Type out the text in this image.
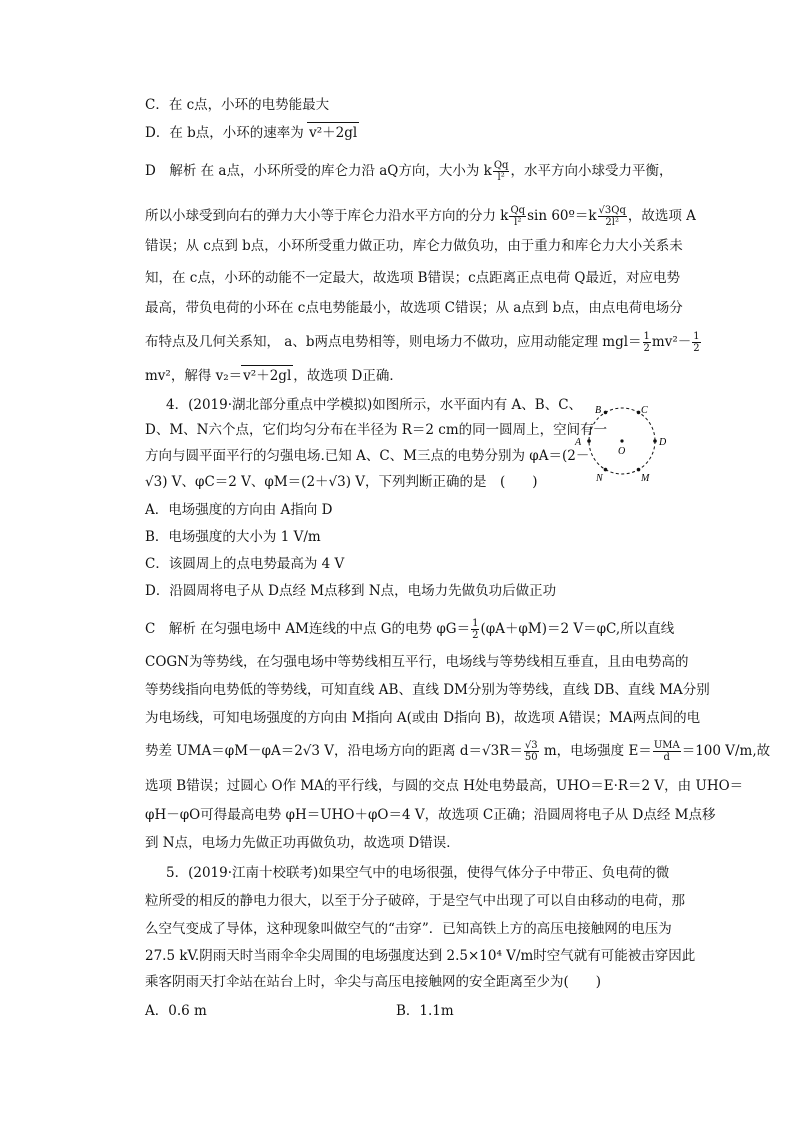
C．在 c点，小环的电势能最大
D．在 b点，小环的速率为 v²＋2gl
D　解析 在 a点，小环所受的库仑力沿 aQ方向，大小为 k $\frac{Qq}{\text{l²}}$ ，水平方向小球受力平衡，
所以小球受到向右的弹力大小等于库仑力沿水平方向的分力 k $\frac{Qq}{\text{l²}}$ sin 60º＝k $\frac{√3Qq}{\text{2l²}}$ ，故选项 A
错误；从 c点到 b点，小环所受重力做正功，库仑力做负功，由于重力和库仑力大小关系未
知，在 c点，小环的动能不一定最大，故选项 B错误；c点距离正点电荷 Q最近，对应电势
最高，带负电荷的小环在 c点电势能最小，故选项 C错误；从 a点到 b点，由点电荷电场分
布特点及几何关系知， a、b两点电势相等，则电场力不做功，应用动能定理 $mgl= \frac{1}{2} mv^2- \frac{1}{2}$
mv²，解得 v₂＝v²＋2gl ，故选项 D正确．
4．(2019·湖北部分重点中学模拟)如图所示，水平面内有 A、B、C、
D、M、N六个点，它们均匀分布在半径为 R＝2 cm的同一圆周上，空间有一
方向与圆平面平行的匀强电场.已知 A、C、M三点的电势分别为 φA＝(2－
√3) V、φC＝2 V、φM＝(2＋√3) V，下列判断正确的是　(　　)
B	C
A	D
N	M
O
A．电场强度的方向由 A指向 D
B．电场强度的大小为 1 V/m
C．该圆周上的点电势最高为 4 V
D．沿圆周将电子从 D点经 M点移到 N点，电场力先做负功后做正功
C　解析 在匀强电场中 AM连线的中点 G的电势 $\varphi G= \frac{1}{2} (\varphi A+\varphi M)=2$ V＝φC,所以直线
COGN为等势线，在匀强电场中等势线相互平行，电场线与等势线相互垂直，且由电势高的
等势线指向电势低的等势线，可知直线 AB、直线 DM分别为等势线，直线 DB、直线 MA分别
为电场线，可知电场强度的方向由 M指向 A(或由 D指向 B)，故选项 A错误；MA两点间的电
势差 UMA＝φM－φA＝2√3 V，沿电场方向的距离 $d=√3R= \frac{√3}{50}$ m，电场强度 $E= \frac{\text{UMA}}{d} =100$ V/m,故
选项 B错误；过圆心 O作 MA的平行线，与圆的交点 H处电势最高，UHO＝E·R＝2 V，由 UHO＝
φH－φO可得最高电势 φH＝UHO＋φO＝4 V，故选项 C正确；沿圆周将电子从 D点经 M点移
到 N点，电场力先做正功再做负功，故选项 D错误．
5．(2019·江南十校联考)如果空气中的电场很强，使得气体分子中带正、负电荷的微
粒所受的相反的静电力很大，以至于分子破碎，于是空气中出现了可以自由移动的电荷，那
么空气变成了导体，这种现象叫做空气的“击穿”．已知高铁上方的高压电接触网的电压为
27.5 kV.阴雨天时当雨伞伞尖周围的电场强度达到 2.5×10⁴ V/m时空气就有可能被击穿因此
乘客阴雨天打伞站在站台上时，伞尖与高压电接触网的安全距离至少为(　　)
A．0.6 m	B．1.1m
